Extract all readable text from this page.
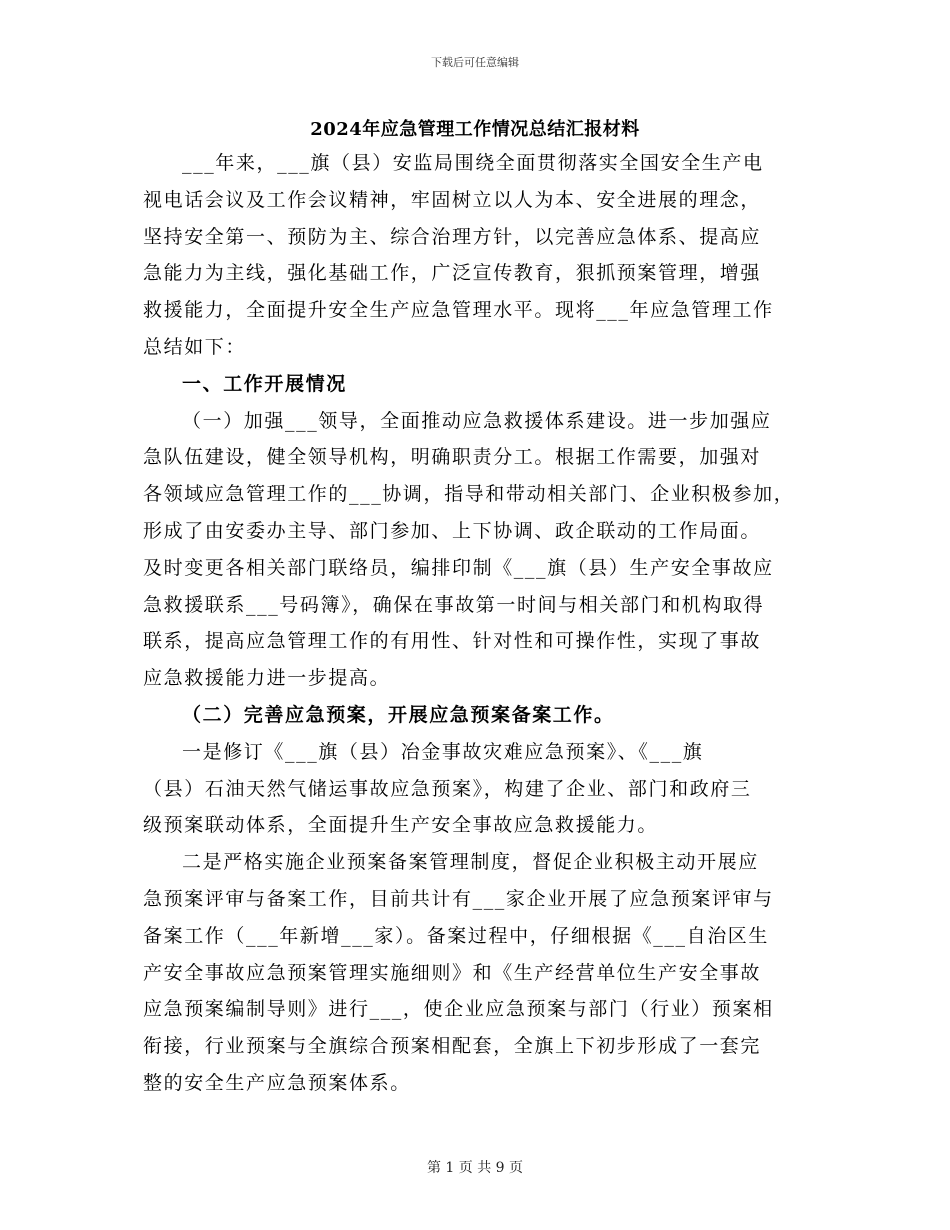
下载后可任意编辑
2024年应急管理工作情况总结汇报材料
___年来，___旗（县）安监局围绕全面贯彻落实全国安全生产电
视电话会议及工作会议精神，牢固树立以人为本、安全进展的理念，
坚持安全第一、预防为主、综合治理方针，以完善应急体系、提高应
急能力为主线，强化基础工作，广泛宣传教育，狠抓预案管理，增强
救援能力，全面提升安全生产应急管理水平。现将___年应急管理工作
总结如下：
一、工作开展情况
（一）加强___领导，全面推动应急救援体系建设。进一步加强应
急队伍建设，健全领导机构，明确职责分工。根据工作需要，加强对
各领域应急管理工作的___协调，指导和带动相关部门、企业积极参加，
形成了由安委办主导、部门参加、上下协调、政企联动的工作局面。
及时变更各相关部门联络员，编排印制《___旗（县）生产安全事故应
急救援联系___号码簿》，确保在事故第一时间与相关部门和机构取得
联系，提高应急管理工作的有用性、针对性和可操作性，实现了事故
应急救援能力进一步提高。
（二）完善应急预案，开展应急预案备案工作。
一是修订《___旗（县）冶金事故灾难应急预案》、《___旗
（县）石油天然气储运事故应急预案》，构建了企业、部门和政府三
级预案联动体系，全面提升生产安全事故应急救援能力。
二是严格实施企业预案备案管理制度，督促企业积极主动开展应
急预案评审与备案工作，目前共计有___家企业开展了应急预案评审与
备案工作（___年新增___家）。备案过程中，仔细根据《___自治区生
产安全事故应急预案管理实施细则》和《生产经营单位生产安全事故
应急预案编制导则》进行___，使企业应急预案与部门（行业）预案相
衔接，行业预案与全旗综合预案相配套，全旗上下初步形成了一套完
整的安全生产应急预案体系。
第 1 页 共 9 页
